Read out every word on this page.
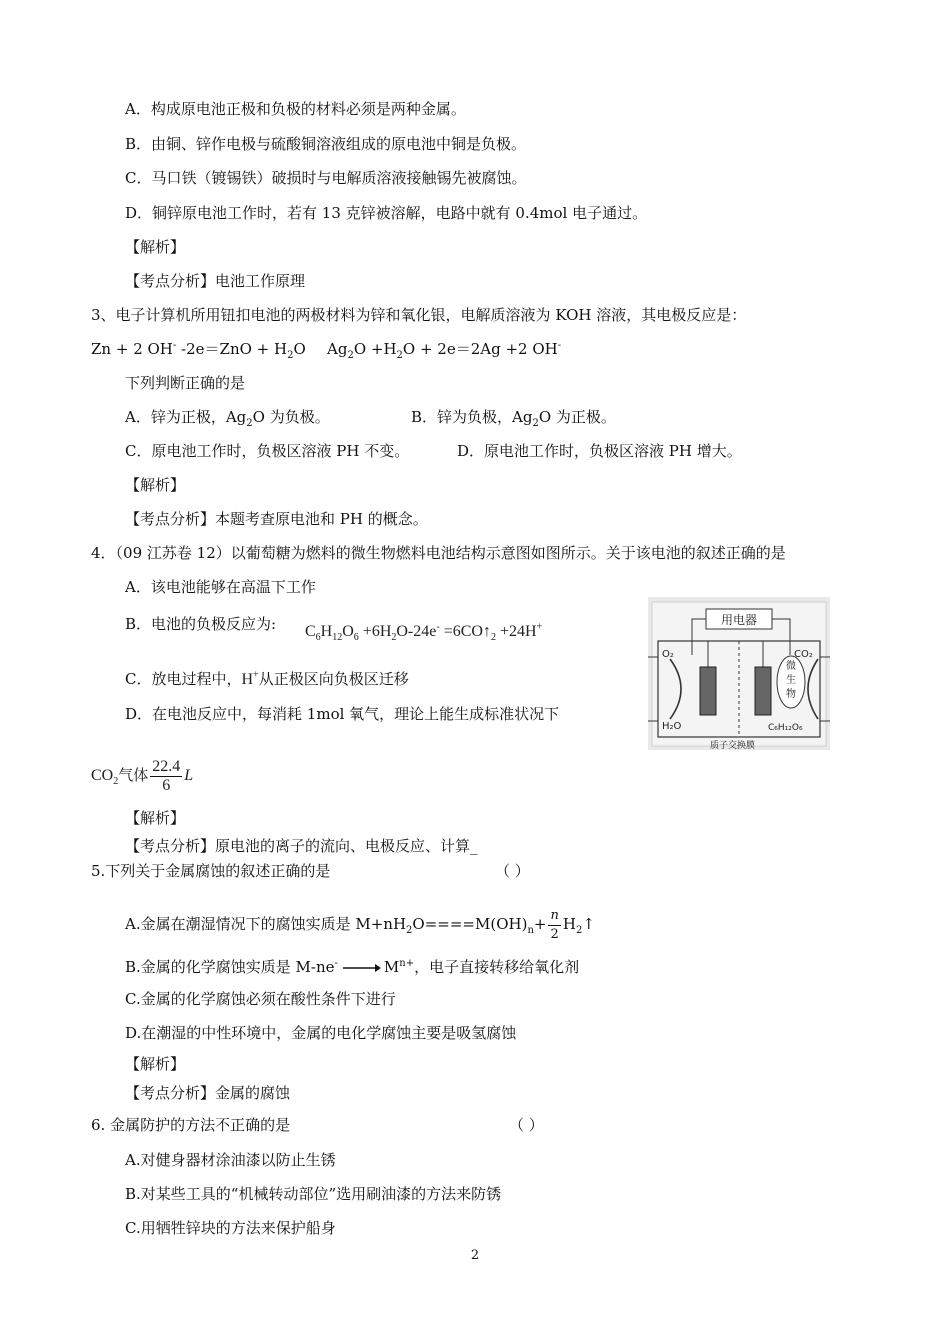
A．构成原电池正极和负极的材料必须是两种金属。
B．由铜、锌作电极与硫酸铜溶液组成的原电池中铜是负极。
C．马口铁（镀锡铁）破损时与电解质溶液接触锡先被腐蚀。
D．铜锌原电池工作时，若有 13 克锌被溶解，电路中就有 0.4mol 电子通过。
【解析】
【考点分析】电池工作原理
3、电子计算机所用钮扣电池的两极材料为锌和氧化银，电解质溶液为 KOH 溶液，其电极反应是：
Zn + 2 OH- $-2e=ZnO + H_2O$ $Ag_2O +H_2O + 2e=2Ag +2$ OH-
下列判断正确的是
A．锌为正极，$Ag_2O$ 为负极。	B．锌为负极，$Ag_2O$ 为正极。
C．原电池工作时，负极区溶液 PH 不变。	D．原电池工作时，负极区溶液 PH 增大。
【解析】
【考点分析】本题考查原电池和 PH 的概念。
4．（09 江苏卷 12）以葡萄糖为燃料的微生物燃料电池结构示意图如图所示。关于该电池的叙述正确的是
A．该电池能够在高温下工作
B．电池的负极反应为: $C_6H_{12}O_6 +6H_2O-24e^-$ $=6CO↑_2 +24H^+$
C．放电过程中，H+从正极区向负极区迁移
D．在电池反应中，每消耗 1mol 氧气，理论上能生成标准状况下
$CO_2$气体 $\frac{22.4}{6}$ L
【解析】
【考点分析】原电池的离子的流向、电极反应、计算_
用电器
微
生
物
O₂
H₂O
CO₂
C₆H₁₂O₆
质子交换膜
5.下列关于金属腐蚀的叙述正确的是	（ ）
A.金属在潮湿情况下的腐蚀实质是 $M+nH_2O====M(OH)_n+ \frac{n}{2}$ $H_2↑$
B.金属的化学腐蚀实质是 M-ne-	$M^{n+}$，电子直接转移给氧化剂
C.金属的化学腐蚀必须在酸性条件下进行
D.在潮湿的中性环境中，金属的电化学腐蚀主要是吸氢腐蚀
【解析】
【考点分析】金属的腐蚀
6. 金属防护的方法不正确的是	（ ）
A.对健身器材涂油漆以防止生锈
B.对某些工具的“机械转动部位”选用刷油漆的方法来防锈
C.用牺牲锌块的方法来保护船身
2
